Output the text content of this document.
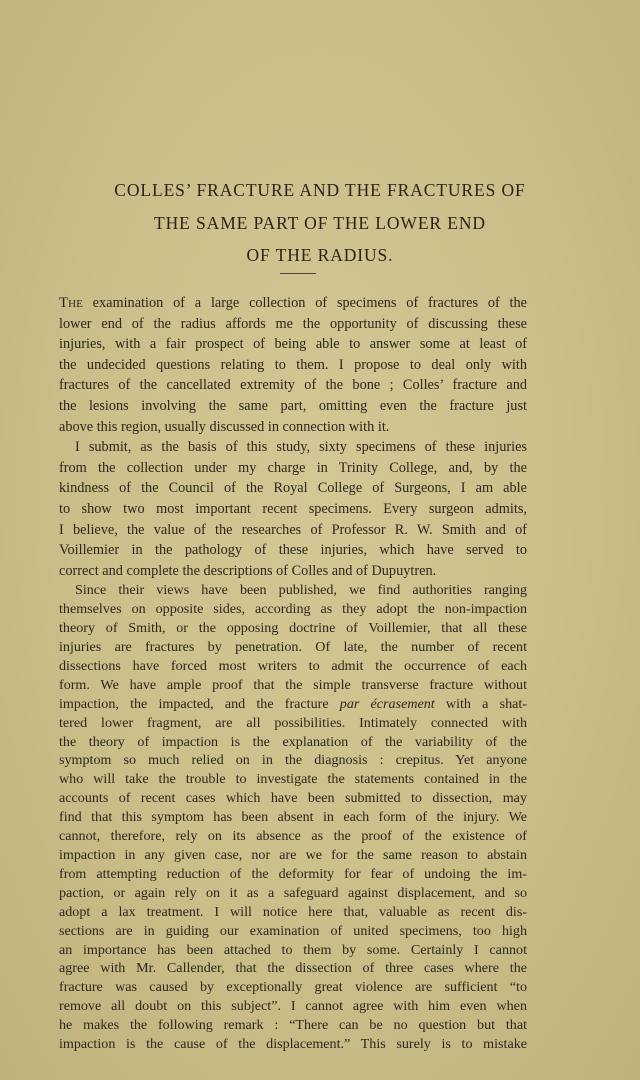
COLLES’ FRACTURE AND THE FRACTURES OF
THE SAME PART OF THE LOWER END
OF THE RADIUS.

The examination of a large collection of specimens of fractures of the
lower end of the radius affords me the opportunity of discussing these
injuries, with a fair prospect of being able to answer some at least of
the undecided questions relating to them. I propose to deal only with
fractures of the cancellated extremity of the bone ; Colles’ fracture and
the lesions involving the same part, omitting even the fracture just
above this region, usually discussed in connection with it.

I submit, as the basis of this study, sixty specimens of these injuries
from the collection under my charge in Trinity College, and, by the
kindness of the Council of the Royal College of Surgeons, I am able
to show two most important recent specimens. Every surgeon admits,
I believe, the value of the researches of Professor R. W. Smith and of
Voillemier in the pathology of these injuries, which have served to
correct and complete the descriptions of Colles and of Dupuytren.

Since their views have been published, we find authorities ranging
themselves on opposite sides, according as they adopt the non-impaction
theory of Smith, or the opposing doctrine of Voillemier, that all these
injuries are fractures by penetration. Of late, the number of recent
dissections have forced most writers to admit the occurrence of each
form. We have ample proof that the simple transverse fracture without
impaction, the impacted, and the fracture par écrasement with a shat-
tered lower fragment, are all possibilities. Intimately connected with
the theory of impaction is the explanation of the variability of the
symptom so much relied on in the diagnosis : crepitus. Yet anyone
who will take the trouble to investigate the statements contained in the
accounts of recent cases which have been submitted to dissection, may
find that this symptom has been absent in each form of the injury. We
cannot, therefore, rely on its absence as the proof of the existence of
impaction in any given case, nor are we for the same reason to abstain
from attempting reduction of the deformity for fear of undoing the im-
paction, or again rely on it as a safeguard against displacement, and so
adopt a lax treatment. I will notice here that, valuable as recent dis-
sections are in guiding our examination of united specimens, too high
an importance has been attached to them by some. Certainly I cannot
agree with Mr. Callender, that the dissection of three cases where the
fracture was caused by exceptionally great violence are sufficient “to
remove all doubt on this subject”. I cannot agree with him even when
he makes the following remark : “There can be no question but that
impaction is the cause of the displacement.” This surely is to mistake
